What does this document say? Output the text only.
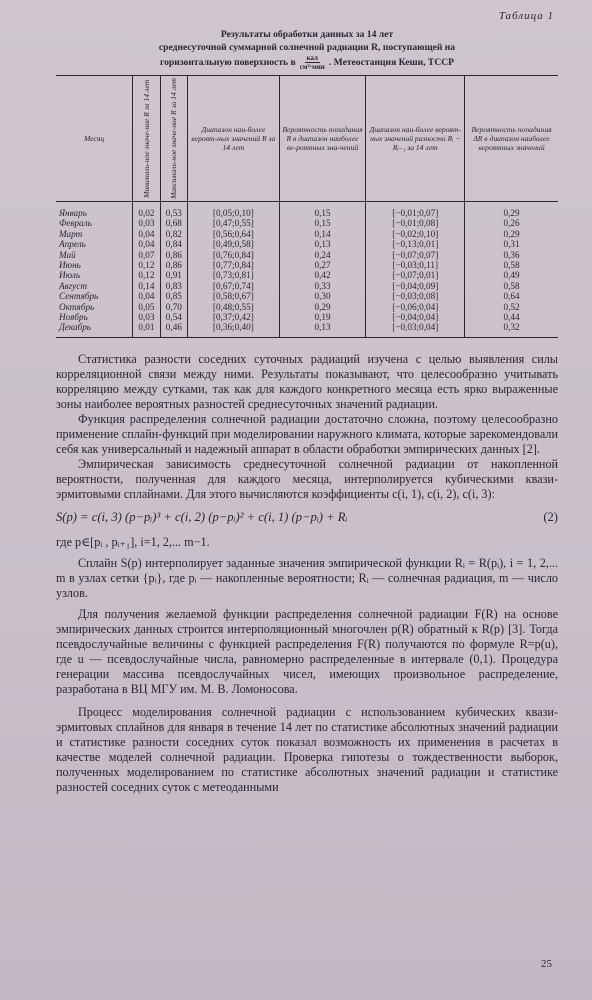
Таблица 1
Результаты обработки данных за 14 лет
среднесуточной суммарной солнечной радиации R, поступающей на
горизонтальную поверхность в $\frac{\text{кал}}{\text{см²·мин}}$ . Метеостанция Кеши, ТССР
Месяц	Минималь-ное значе-ние R за 14 лет	Максималь-ное значе-ние R за 14 лет	Диапазон наи-более вероят-ных значений R за 14 лет	Вероятность попадания R в диапазон наиболее ве-роятных зна-чений	Диапазон наи-более вероят-ных значений разности Rᵢ − Rᵢ₋₁ за 14 лет	Вероятность попадания ΔR в диапазон наиболее вероятных значений
Январь	0,02	0,53	[0,05;0,10]	0,15	[−0,01;0,07]	0,29
Февраль	0,03	0,68	[0,47;0,55]	0,15	[−0,01;0,08]	0,26
Март	0,04	0,82	[0,56;0,64]	0,14	[−0,02;0,10]	0,29
Апрель	0,04	0,84	[0,49;0,58]	0,13	[−0,13;0,01]	0,31
Май	0,07	0,86	[0,76;0,84]	0,24	[−0,07;0,07]	0,36
Июнь	0,12	0,86	[0,77;0,84]	0,27	[−0,03;0,11]	0,58
Июль	0,12	0,91	[0,73;0,81]	0,42	[−0,07;0,01]	0,49
Август	0,14	0,83	[0,67;0,74]	0,33	[−0,04;0,09]	0,58
Сентябрь	0,04	0,85	[0,58;0,67]	0,30	[−0,03;0,08]	0,64
Октябрь	0,05	0,70	[0,48;0,55]	0,29	[−0,06;0,04]	0,52
Ноябрь	0,03	0,54	[0,37;0,42]	0,19	[−0,04;0,04]	0,44
Декабрь	0,01	0,46	[0,36;0,40]	0,13	[−0,03;0,04]	0,32

Статистика разности соседних суточных радиаций изучена с целью выявления силы корреляционной связи между ними. Результаты показывают, что целесообразно учитывать корреляцию между сутками, так как для каждого конкретного месяца есть ярко выраженные зоны наиболее вероятных разностей среднесуточных значений радиации.

Функция распределения солнечной радиации достаточно сложна, поэтому целесообразно применение сплайн-функций при моделировании наружного климата, которые зарекомендовали себя как универсальный и надежный аппарат в области обработки эмпирических данных [2].

Эмпирическая зависимость среднесуточной солнечной радиации от накопленной вероятности, полученная для каждого месяца, интерполируется кубическими квази-эрмитовыми сплайнами. Для этого вычисляются коэффициенты c(i, 1), c(i, 2), c(i, 3):

S(p) = c(i, 3) (p−pᵢ)³ + c(i, 2) (p−pᵢ)² + c(i, 1) (p−pᵢ) + Rᵢ	(2)

где p∈[pᵢ , pᵢ₊₁], i=1, 2,... m−1.

Сплайн S(p) интерполирует заданные значения эмпирической функции Rᵢ = R(pᵢ), i = 1, 2,... m в узлах сетки {pᵢ}, где pᵢ — накопленные вероятности; Rᵢ — солнечная радиация, m — число узлов.

Для получения желаемой функции распределения солнечной радиации F(R) на основе эмпирических данных строится интерполяционный многочлен p(R) обратный к R(p) [3]. Тогда псевдослучайные величины с функцией распределения F(R) получаются по формуле R=p(u), где u — псевдослучайные числа, равномерно распределенные в интервале (0,1). Процедура генерации массива псевдослучайных чисел, имеющих произвольное распределение, разработана в ВЦ МГУ им. М. В. Ломоносова.

Процесс моделирования солнечной радиации с использованием кубических квази-эрмитовых сплайнов для января в течение 14 лет по статистике абсолютных значений радиации и статистике разности соседних суток показал возможность их применения в расчетах в качестве моделей солнечной радиации. Проверка гипотезы о тождественности выборок, полученных моделированием по статистике абсолютных значений радиации и статистике разностей соседних суток с метеоданными

25
